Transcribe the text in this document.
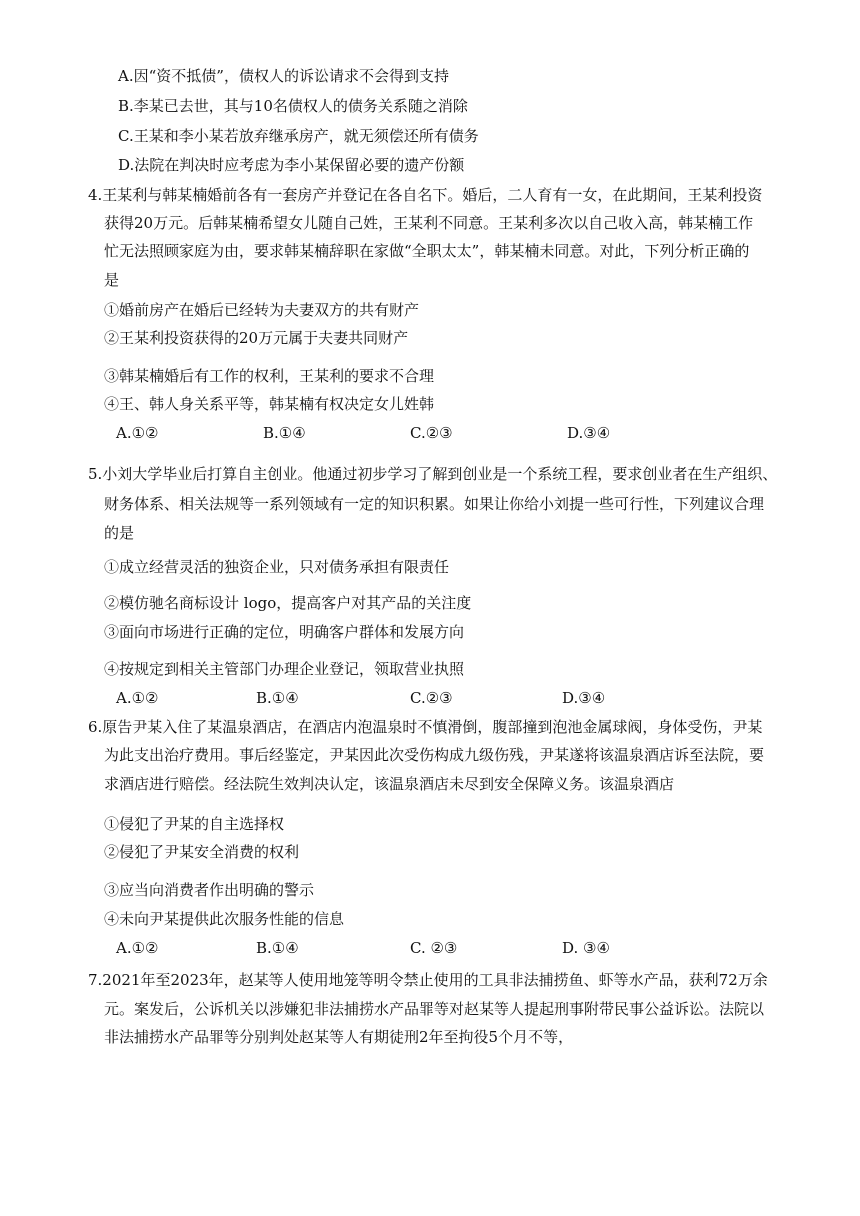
A.因“资不抵债”，债权人的诉讼请求不会得到支持
B.李某已去世，其与10名债权人的债务关系随之消除
C.王某和李小某若放弃继承房产，就无须偿还所有债务
D.法院在判决时应考虑为李小某保留必要的遗产份额
4.王某利与韩某楠婚前各有一套房产并登记在各自名下。婚后，二人育有一女，在此期间，王某利投资
获得20万元。后韩某楠希望女儿随自己姓，王某利不同意。王某利多次以自己收入高，韩某楠工作
忙无法照顾家庭为由，要求韩某楠辞职在家做“全职太太”，韩某楠未同意。对此，下列分析正确的
是
①婚前房产在婚后已经转为夫妻双方的共有财产
②王某利投资获得的20万元属于夫妻共同财产
③韩某楠婚后有工作的权利，王某利的要求不合理
④王、韩人身关系平等，韩某楠有权决定女儿姓韩
A.①②	B.①④	C.②③	D.③④
5.小刘大学毕业后打算自主创业。他通过初步学习了解到创业是一个系统工程，要求创业者在生产组织、
财务体系、相关法规等一系列领域有一定的知识积累。如果让你给小刘提一些可行性，下列建议合理
的是
①成立经营灵活的独资企业，只对债务承担有限责任
②模仿驰名商标设计 logo，提高客户对其产品的关注度
③面向市场进行正确的定位，明确客户群体和发展方向
④按规定到相关主管部门办理企业登记，领取营业执照
A.①②	B.①④	C.②③	D.③④
6.原告尹某入住了某温泉酒店，在酒店内泡温泉时不慎滑倒，腹部撞到泡池金属球阀，身体受伤，尹某
为此支出治疗费用。事后经鉴定，尹某因此次受伤构成九级伤残，尹某遂将该温泉酒店诉至法院，要
求酒店进行赔偿。经法院生效判决认定，该温泉酒店未尽到安全保障义务。该温泉酒店
①侵犯了尹某的自主选择权
②侵犯了尹某安全消费的权利
③应当向消费者作出明确的警示
④未向尹某提供此次服务性能的信息
A.①②	B.①④	C. ②③	D. ③④
7.2021年至2023年，赵某等人使用地笼等明令禁止使用的工具非法捕捞鱼、虾等水产品，获利72万余
元。案发后，公诉机关以涉嫌犯非法捕捞水产品罪等对赵某等人提起刑事附带民事公益诉讼。法院以
非法捕捞水产品罪等分别判处赵某等人有期徒刑2年至拘役5个月不等，
